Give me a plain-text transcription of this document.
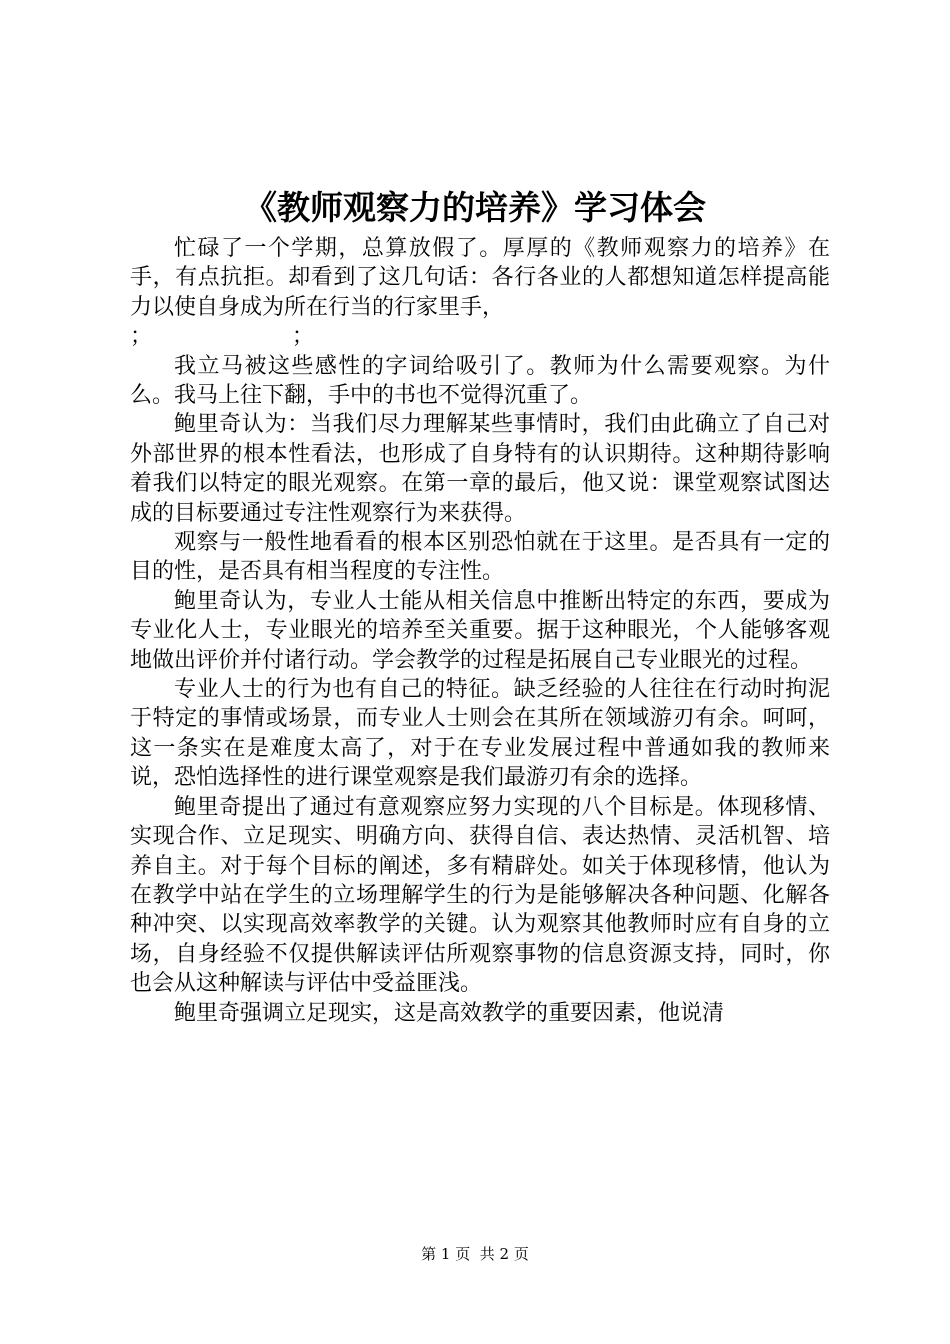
《教师观察力的培养》学习体会

忙碌了一个学期，总算放假了。厚厚的《教师观察力的培养》在手，有点抗拒。却看到了这几句话：各行各业的人都想知道怎样提高能力以使自身成为所在行当的行家里手，

；                    ；

我立马被这些感性的字词给吸引了。教师为什么需要观察。为什么。我马上往下翻，手中的书也不觉得沉重了。

鲍里奇认为：当我们尽力理解某些事情时，我们由此确立了自己对外部世界的根本性看法，也形成了自身特有的认识期待。这种期待影响着我们以特定的眼光观察。在第一章的最后，他又说：课堂观察试图达成的目标要通过专注性观察行为来获得。

观察与一般性地看看的根本区别恐怕就在于这里。是否具有一定的目的性，是否具有相当程度的专注性。

鲍里奇认为，专业人士能从相关信息中推断出特定的东西，要成为专业化人士，专业眼光的培养至关重要。据于这种眼光，个人能够客观地做出评价并付诸行动。学会教学的过程是拓展自己专业眼光的过程。

专业人士的行为也有自己的特征。缺乏经验的人往往在行动时拘泥于特定的事情或场景，而专业人士则会在其所在领域游刃有余。呵呵，这一条实在是难度太高了，对于在专业发展过程中普通如我的教师来说，恐怕选择性的进行课堂观察是我们最游刃有余的选择。

鲍里奇提出了通过有意观察应努力实现的八个目标是。体现移情、实现合作、立足现实、明确方向、获得自信、表达热情、灵活机智、培养自主。对于每个目标的阐述，多有精辟处。如关于体现移情，他认为在教学中站在学生的立场理解学生的行为是能够解决各种问题、化解各种冲突、以实现高效率教学的关键。认为观察其他教师时应有自身的立场，自身经验不仅提供解读评估所观察事物的信息资源支持，同时，你也会从这种解读与评估中受益匪浅。

鲍里奇强调立足现实，这是高效教学的重要因素，他说清

第 1 页  共 2 页
